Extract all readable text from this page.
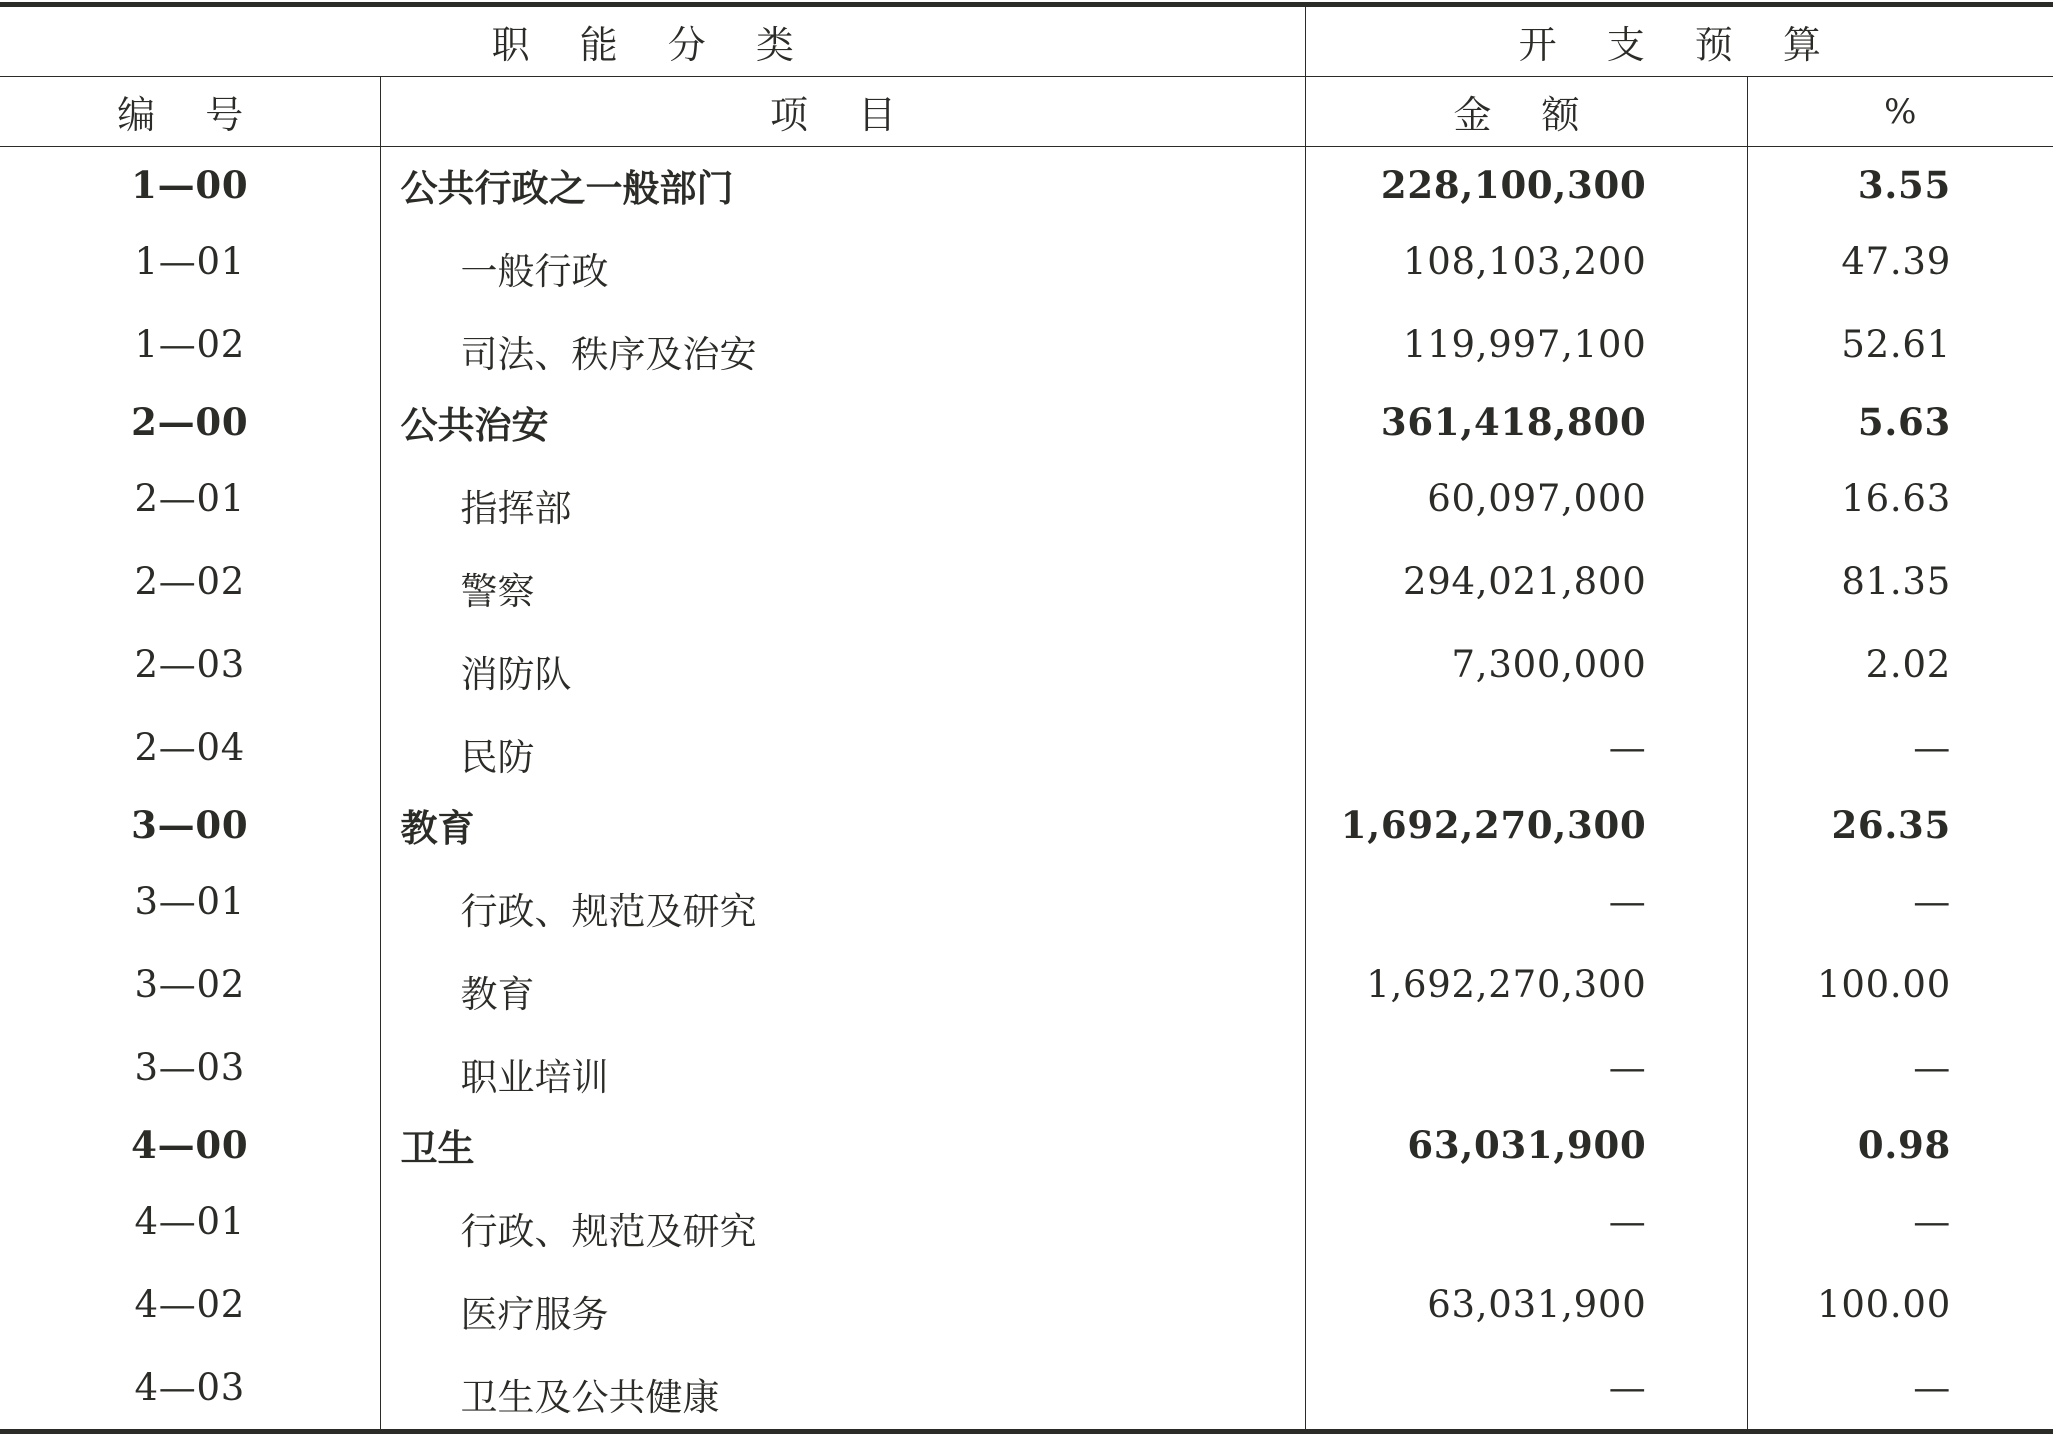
职 能 分 类		开 支 预 算	
编 号	项 目	金 额	%
1—00	公共行政之一般部门	228,100,300	3.55
1—01	一般行政	108,103,200	47.39
1—02	司法、秩序及治安	119,997,100	52.61
2—00	公共治安	361,418,800	5.63
2—01	指挥部	60,097,000	16.63
2—02	警察	294,021,800	81.35
2—03	消防队	7,300,000	2.02
2—04	民防	—	—
3—00	教育	1,692,270,300	26.35
3—01	行政、规范及研究	—	—
3—02	教育	1,692,270,300	100.00
3—03	职业培训	—	—
4—00	卫生	63,031,900	0.98
4—01	行政、规范及研究	—	—
4—02	医疗服务	63,031,900	100.00
4—03	卫生及公共健康	—	—
